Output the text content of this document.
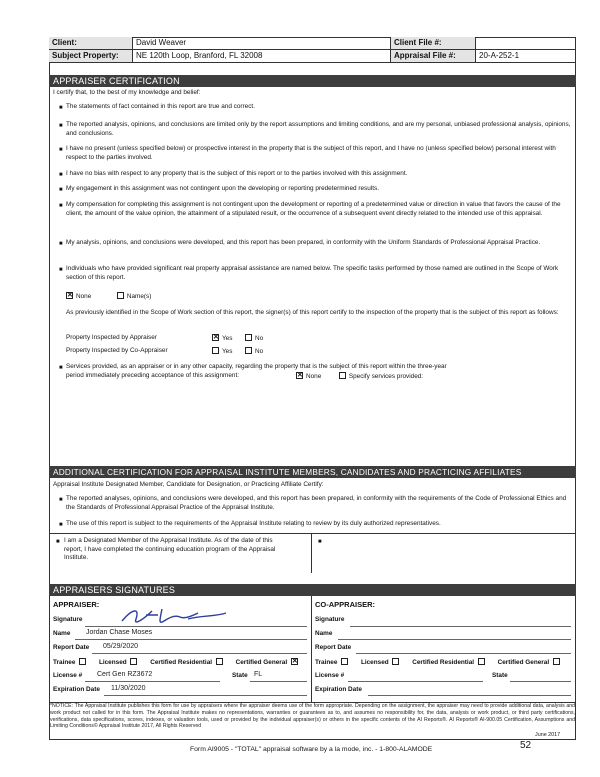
Client:	David Weaver	Client File #:
Subject Property:	NE 120th Loop, Branford, FL 32008	Appraisal File #:	20-A-252-1
APPRAISER CERTIFICATION
I certify that, to the best of my knowledge and belief:
■ The statements of fact contained in this report are true and correct.
■ The reported analysis, opinions, and conclusions are limited only by the report assumptions and limiting conditions, and are my personal, unbiased professional analysis, opinions, and conclusions.
■ I have no present (unless specified below) or prospective interest in the property that is the subject of this report, and I have no (unless specified below) personal interest with respect to the parties involved.
■ I have no bias with respect to any property that is the subject of this report or to the parties involved with this assignment.
■ My engagement in this assignment was not contingent upon the developing or reporting predetermined results.
■ My compensation for completing this assignment is not contingent upon the development or reporting of a predetermined value or direction in value that favors the cause of the client, the amount of the value opinion, the attainment of a stipulated result, or the occurrence of a subsequent event directly related to the intended use of this appraisal.
■ My analysis, opinions, and conclusions were developed, and this report has been prepared, in conformity with the Uniform Standards of Professional Appraisal Practice.
■ Individuals who have provided significant real property appraisal assistance are named below. The specific tasks performed by those named are outlined in the Scope of Work section of this report.
✕None	Name(s)
As previously identified in the Scope of Work section of this report, the signer(s) of this report certify to the inspection of the property that is the subject of this report as follows:
Property Inspected by Appraiser ✕	Yes	No
Property Inspected by Co-Appraiser	Yes	No
■ Services provided, as an appraiser or in any other capacity, regarding the property that is the subject of this report within the three-year period immediately preceding acceptance of this assignment: ✕	None	Specify services provided:
ADDITIONAL CERTIFICATION FOR APPRAISAL INSTITUTE MEMBERS, CANDIDATES AND PRACTICING AFFILIATES
Appraisal Institute Designated Member, Candidate for Designation, or Practicing Affiliate Certify:
■ The reported analyses, opinions, and conclusions were developed, and this report has been prepared, in conformity with the requirements of the Code of Professional Ethics and the Standards of Professional Appraisal Practice of the Appraisal Institute.
■ The use of this report is subject to the requirements of the Appraisal Institute relating to review by its duly authorized representatives.
■ I am a Designated Member of the Appraisal Institute. As of the date of this report, I have completed the continuing education program of the Appraisal Institute.
■
APPRAISERS SIGNATURES
APPRAISER:
Signature
Name Jordan Chase Moses
Report Date 05/29/2020
Trainee	Licensed	Certified Residential	Certified General ✕
License # Cert Gen RZ3672	State FL
Expiration Date 11/30/2020
CO-APPRAISER:
Signature
Name
Report Date
Trainee	Licensed	Certified Residential	Certified General
License #	State
Expiration Date
*NOTICE: The Appraisal Institute publishes this form for use by appraisers where the appraiser deems use of the form appropriate. Depending on the assignment, the appraiser may need to provide additional data, analysis and work product not called for in this form. The Appraisal Institute makes no representations, warranties or guarantees as to, and assumes no responsibility for, the data, analysis or work product, or third party certifications, verifications, data specifications, scores, indexes, or valuation tools, used or provided by the individual appraiser(s) or others in the specific contents of the AI Reports®. AI Reports® AI-900.05 Certification, Assumptions and Limiting Conditions© Appraisal Institute 2017, All Rights Reserved
June 2017
Form AI9005 - "TOTAL" appraisal software by a la mode, inc. - 1-800-ALAMODE	52
